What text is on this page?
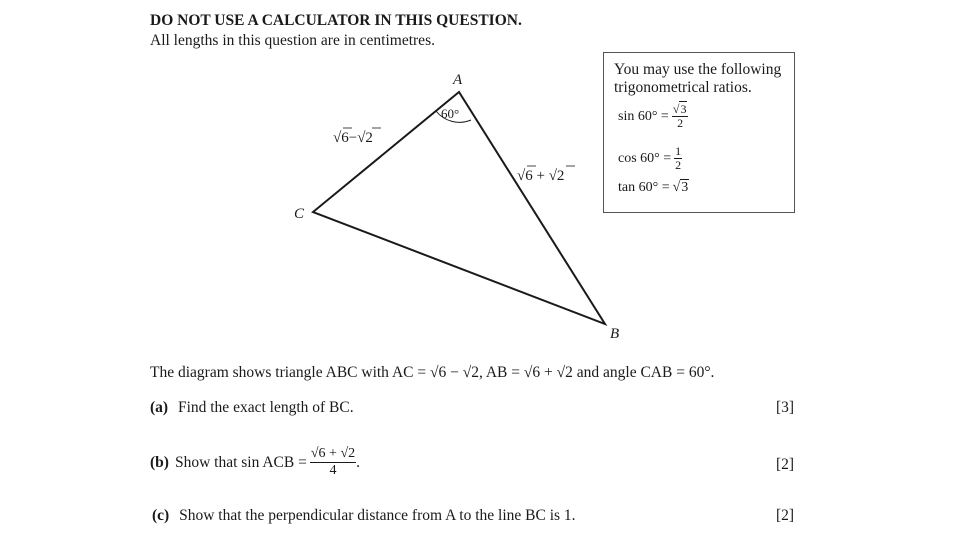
DO NOT USE A CALCULATOR IN THIS QUESTION.
All lengths in this question are in centimetres.
A
C
B
60°
√6−√2
√6 + √2
You may use the following
trigonometrical ratios.
$\sin 60^\circ = \frac{√3}{2}$
$\cos 60^\circ = \frac{1}{2}$
tan 60° = √3
The diagram shows triangle ABC with AC = √6 − √2, AB = √6 + √2 and angle CAB = 60°.
(a) Find the exact length of BC.	[3]
(b) Show that sin ACB = $\frac{√6 + √2}{4}$ .	[2]
(c) Show that the perpendicular distance from A to the line BC is 1.	[2]
